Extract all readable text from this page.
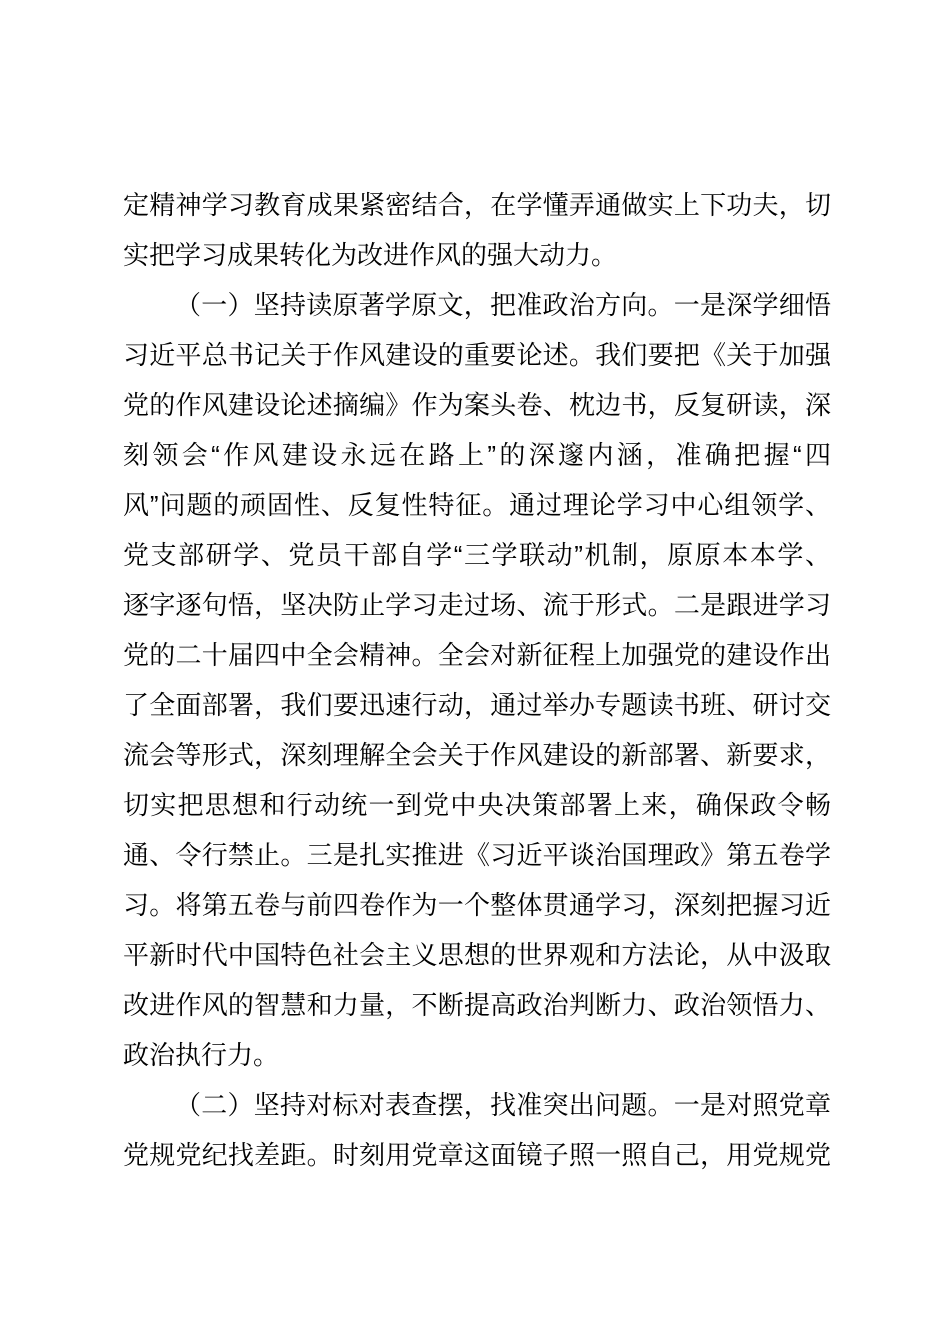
定精神学习教育成果紧密结合，在学懂弄通做实上下功夫，切
实把学习成果转化为改进作风的强大动力。
（一）坚持读原著学原文，把准政治方向。一是深学细悟
习近平总书记关于作风建设的重要论述。我们要把《关于加强
党的作风建设论述摘编》作为案头卷、枕边书，反复研读，深
刻领会“作风建设永远在路上”的深邃内涵，准确把握“四
风”问题的顽固性、反复性特征。通过理论学习中心组领学、
党支部研学、党员干部自学“三学联动”机制，原原本本学、
逐字逐句悟，坚决防止学习走过场、流于形式。二是跟进学习
党的二十届四中全会精神。全会对新征程上加强党的建设作出
了全面部署，我们要迅速行动，通过举办专题读书班、研讨交
流会等形式，深刻理解全会关于作风建设的新部署、新要求，
切实把思想和行动统一到党中央决策部署上来，确保政令畅
通、令行禁止。三是扎实推进《习近平谈治国理政》第五卷学
习。将第五卷与前四卷作为一个整体贯通学习，深刻把握习近
平新时代中国特色社会主义思想的世界观和方法论，从中汲取
改进作风的智慧和力量，不断提高政治判断力、政治领悟力、
政治执行力。
（二）坚持对标对表查摆，找准突出问题。一是对照党章
党规党纪找差距。时刻用党章这面镜子照一照自己，用党规党
